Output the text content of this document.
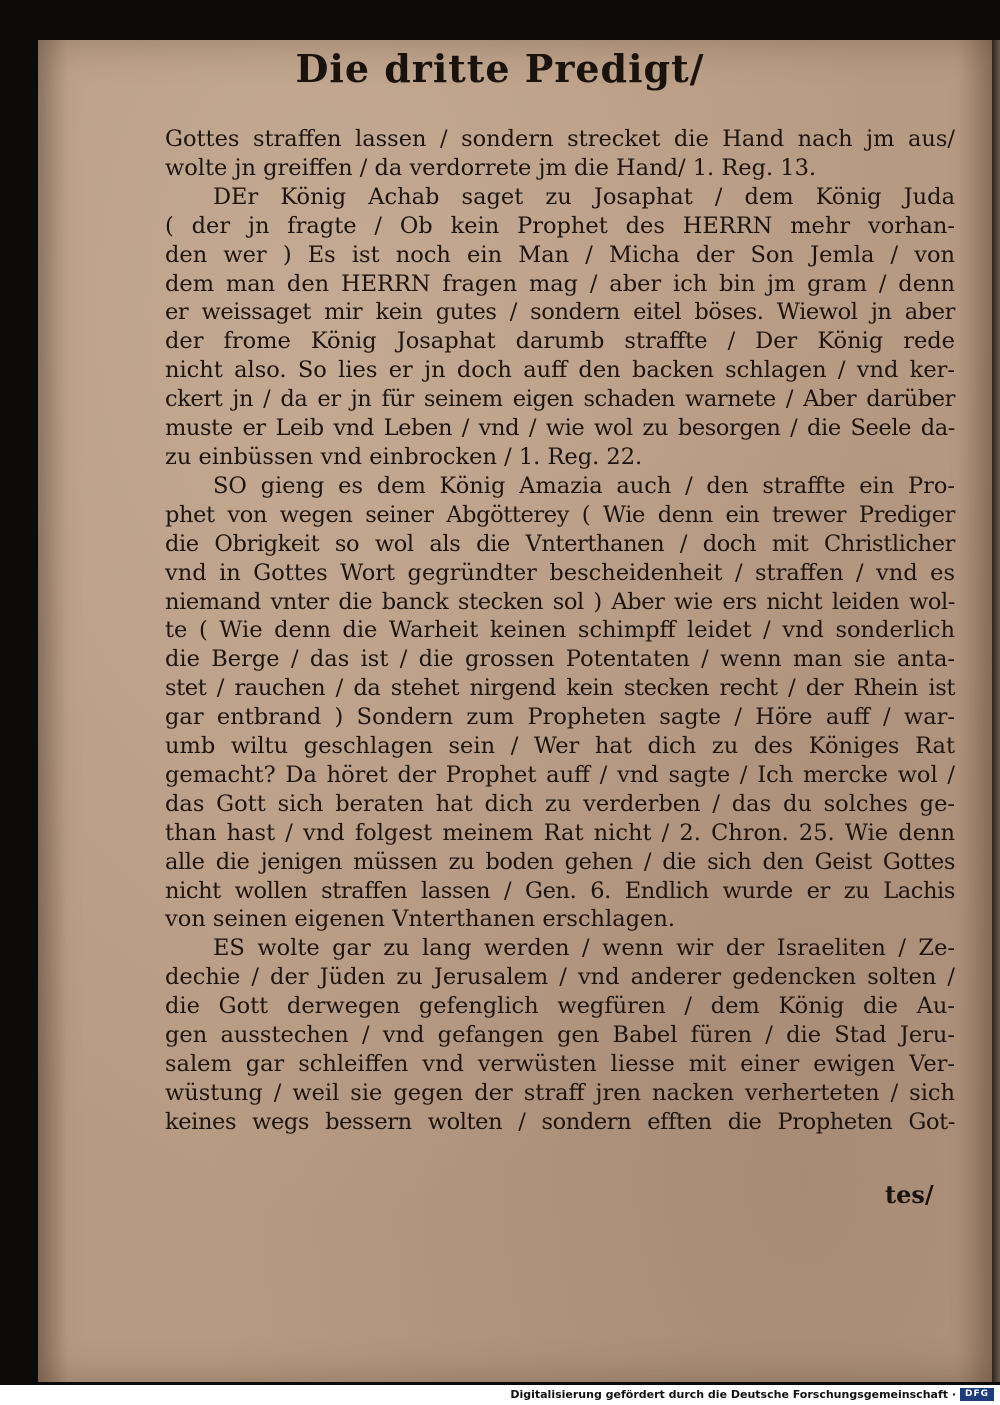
Die dritte Predigt/
Gottes straffen lassen / sondern strecket die Hand nach jm aus/
wolte jn greiffen / da verdorrete jm die Hand/ 1. Reg. 13.
DEr König Achab saget zu Josaphat / dem König Juda
( der jn fragte / Ob kein Prophet des HERRN mehr vorhan-
den wer ) Es ist noch ein Man / Micha der Son Jemla / von
dem man den HERRN fragen mag / aber ich bin jm gram / denn
er weissaget mir kein gutes / sondern eitel böses. Wiewol jn aber
der frome König Josaphat darumb straffte / Der König rede
nicht also. So lies er jn doch auff den backen schlagen / vnd ker-
ckert jn / da er jn für seinem eigen schaden warnete / Aber darüber
muste er Leib vnd Leben / vnd / wie wol zu besorgen / die Seele da-
zu einbüssen vnd einbrocken / 1. Reg. 22.
SO gieng es dem König Amazia auch / den straffte ein Pro-
phet von wegen seiner Abgötterey ( Wie denn ein trewer Prediger
die Obrigkeit so wol als die Vnterthanen / doch mit Christlicher
vnd in Gottes Wort gegründter bescheidenheit / straffen / vnd es
niemand vnter die banck stecken sol ) Aber wie ers nicht leiden wol-
te ( Wie denn die Warheit keinen schimpff leidet / vnd sonderlich
die Berge / das ist / die grossen Potentaten / wenn man sie anta-
stet / rauchen / da stehet nirgend kein stecken recht / der Rhein ist
gar entbrand ) Sondern zum Propheten sagte / Höre auff / war-
umb wiltu geschlagen sein / Wer hat dich zu des Königes Rat
gemacht? Da höret der Prophet auff / vnd sagte / Ich mercke wol /
das Gott sich beraten hat dich zu verderben / das du solches ge-
than hast / vnd folgest meinem Rat nicht / 2. Chron. 25. Wie denn
alle die jenigen müssen zu boden gehen / die sich den Geist Gottes
nicht wollen straffen lassen / Gen. 6. Endlich wurde er zu Lachis
von seinen eigenen Vnterthanen erschlagen.
ES wolte gar zu lang werden / wenn wir der Israeliten / Ze-
dechie / der Jüden zu Jerusalem / vnd anderer gedencken solten /
die Gott derwegen gefenglich wegfüren / dem König die Au-
gen ausstechen / vnd gefangen gen Babel füren / die Stad Jeru-
salem gar schleiffen vnd verwüsten liesse mit einer ewigen Ver-
wüstung / weil sie gegen der straff jren nacken verherteten / sich
keines wegs bessern wolten / sondern efften die Propheten Got-
tes/
Digitalisierung gefördert durch die Deutsche Forschungsgemeinschaft · DFG
